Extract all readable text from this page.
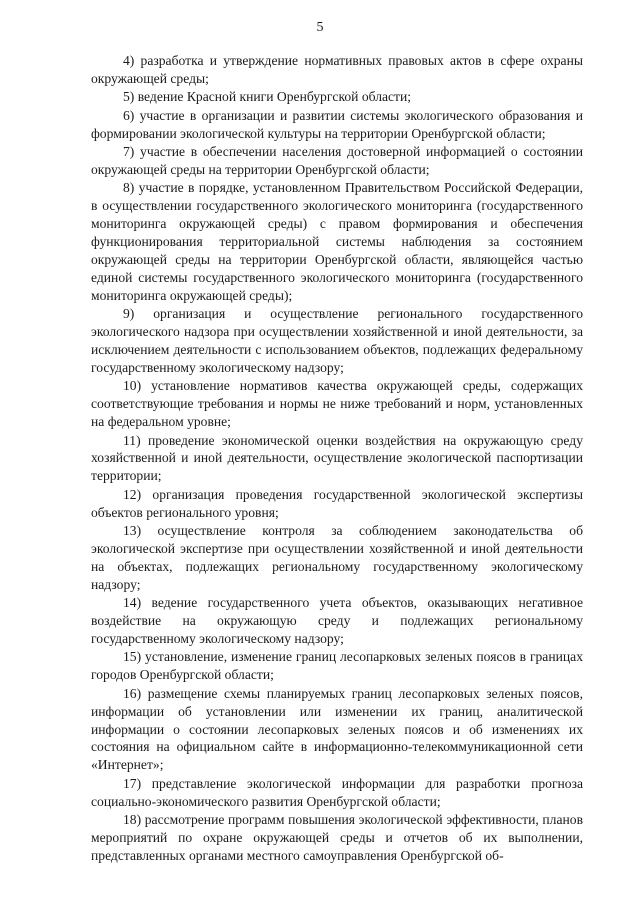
5

4) разработка и утверждение нормативных правовых актов в сфере охраны окружающей среды;

5) ведение Красной книги Оренбургской области;

6) участие в организации и развитии системы экологического образования и формировании экологической культуры на территории Оренбургской области;

7) участие в обеспечении населения достоверной информацией о состоянии окружающей среды на территории Оренбургской области;

8) участие в порядке, установленном Правительством Российской Федерации, в осуществлении государственного экологического мониторинга (государственного мониторинга окружающей среды) с правом формирования и обеспечения функционирования территориальной системы наблюдения за состоянием окружающей среды на территории Оренбургской области, являющейся частью единой системы государственного экологического мониторинга (государственного мониторинга окружающей среды);

9) организация и осуществление регионального государственного экологического надзора при осуществлении хозяйственной и иной деятельности, за исключением деятельности с использованием объектов, подлежащих федеральному государственному экологическому надзору;

10) установление нормативов качества окружающей среды, содержащих соответствующие требования и нормы не ниже требований и норм, установленных на федеральном уровне;

11) проведение экономической оценки воздействия на окружающую среду хозяйственной и иной деятельности, осуществление экологической паспортизации территории;

12) организация проведения государственной экологической экспертизы объектов регионального уровня;

13) осуществление контроля за соблюдением законодательства об экологической экспертизе при осуществлении хозяйственной и иной деятельности на объектах, подлежащих региональному государственному экологическому надзору;

14) ведение государственного учета объектов, оказывающих негативное воздействие на окружающую среду и подлежащих региональному государственному экологическому надзору;

15) установление, изменение границ лесопарковых зеленых поясов в границах городов Оренбургской области;

16) размещение схемы планируемых границ лесопарковых зеленых поясов, информации об установлении или изменении их границ, аналитической информации о состоянии лесопарковых зеленых поясов и об изменениях их состояния на официальном сайте в информационно-телекоммуникационной сети «Интернет»;

17) представление экологической информации для разработки прогноза социально-экономического развития Оренбургской области;

18) рассмотрение программ повышения экологической эффективности, планов мероприятий по охране окружающей среды и отчетов об их выполнении, представленных органами местного самоуправления Оренбургской об-
